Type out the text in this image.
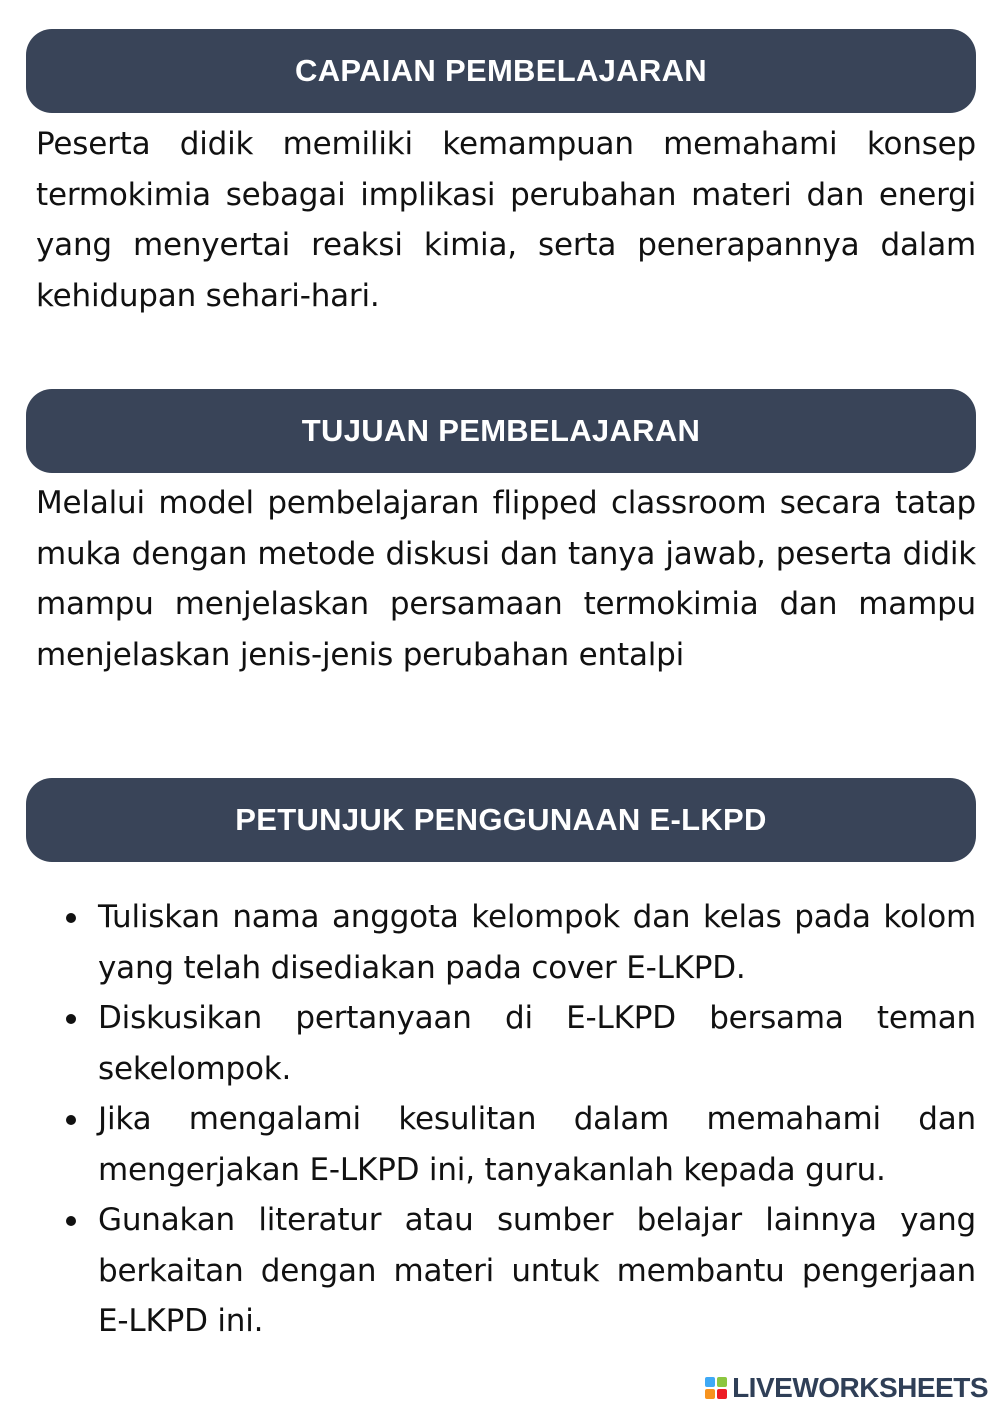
CAPAIAN PEMBELAJARAN

Peserta didik memiliki kemampuan memahami konsep termokimia sebagai implikasi perubahan materi dan energi yang menyertai reaksi kimia, serta penerapannya dalam kehidupan sehari-hari.

TUJUAN PEMBELAJARAN

Melalui model pembelajaran flipped classroom secara tatap muka dengan metode diskusi dan tanya jawab, peserta didik mampu menjelaskan persamaan termokimia dan mampu menjelaskan jenis-jenis perubahan entalpi

PETUNJUK PENGGUNAAN E-LKPD
Tuliskan nama anggota kelompok dan kelas pada kolom yang telah disediakan pada cover E-LKPD.
Diskusikan pertanyaan di E-LKPD bersama teman sekelompok.
Jika mengalami kesulitan dalam memahami dan mengerjakan E-LKPD ini, tanyakanlah kepada guru.
Gunakan literatur atau sumber belajar lainnya yang berkaitan dengan materi untuk membantu pengerjaan E-LKPD ini.
LIVEWORKSHEETS
